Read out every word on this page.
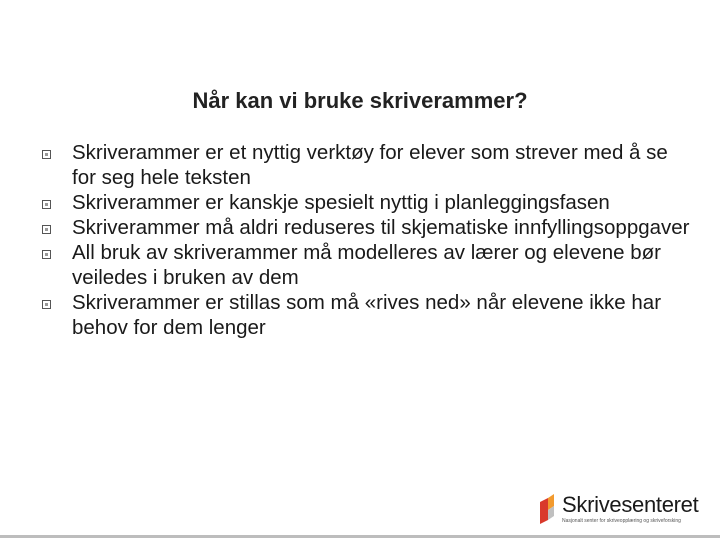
Når kan vi bruke skriverammer?
Skriverammer er et nyttig verktøy for elever som strever med å se for seg hele teksten
Skriverammer er kanskje spesielt nyttig i planleggingsfasen
Skriverammer må aldri reduseres til skjematiske innfyllingsoppgaver
All bruk av skriverammer må modelleres av lærer og elevene bør veiledes i bruken av dem
Skriverammer er stillas som må «rives ned» når elevene ikke har behov for dem lenger
Skrivesenteret
Nasjonalt senter for skriveopplæring og skriveforsking
